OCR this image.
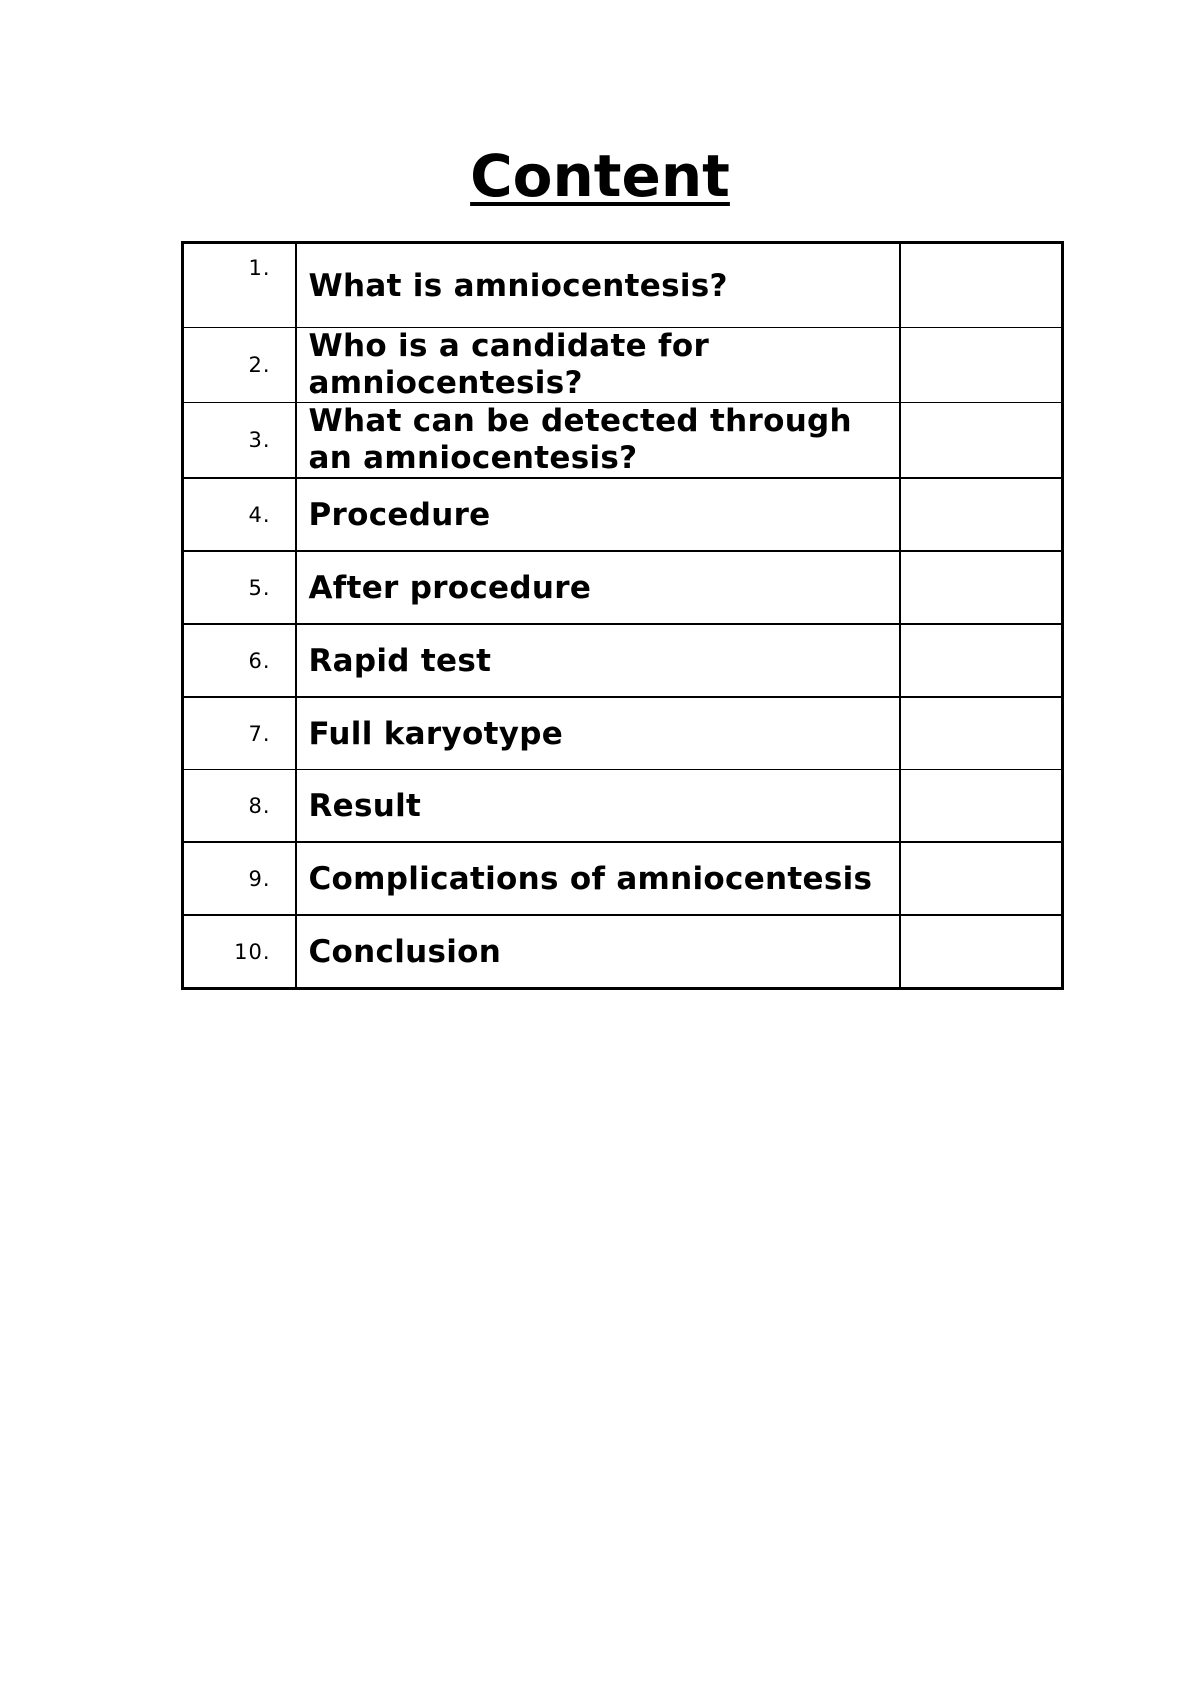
Content
1.	What is amniocentesis?	
2.	Who is a candidate for amniocentesis?	
3.	What can be detected through an amniocentesis?	
4.	Procedure	
5.	After procedure	
6.	Rapid test	
7.	Full karyotype	
8.	Result	
9.	Complications of amniocentesis	
10.	Conclusion	
